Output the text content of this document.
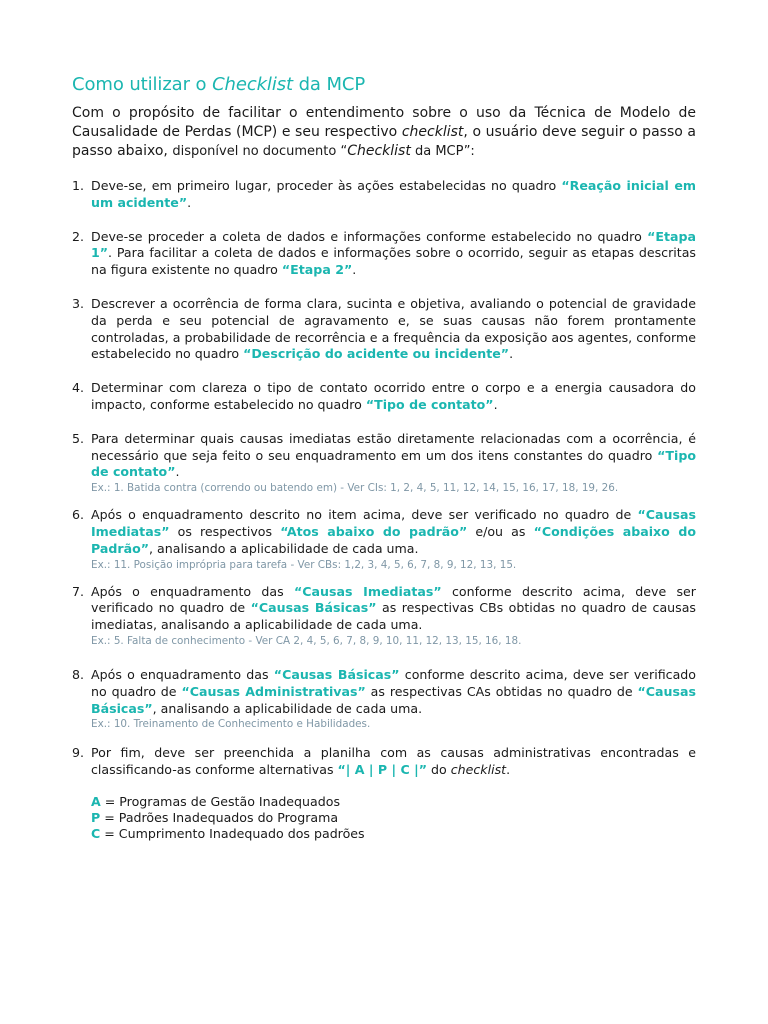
Como utilizar o Checklist da MCP

Com o propósito de facilitar o entendimento sobre o uso da Técnica de Modelo de Causalidade de Perdas (MCP) e seu respectivo checklist, o usuário deve seguir o passo a passo abaixo, disponível no documento “Checklist da MCP”:

1. Deve-se, em primeiro lugar, proceder às ações estabelecidas no quadro “Reação inicial em um acidente”.
2. Deve-se proceder a coleta de dados e informações conforme estabelecido no quadro “Etapa 1”. Para facilitar a coleta de dados e informações sobre o ocorrido, seguir as etapas descritas na figura existente no quadro “Etapa 2”.
3. Descrever a ocorrência de forma clara, sucinta e objetiva, avaliando o potencial de gravidade da perda e seu potencial de agravamento e, se suas causas não forem prontamente controladas, a probabilidade de recorrência e a frequência da exposição aos agentes, conforme estabelecido no quadro “Descrição do acidente ou incidente”.
4. Determinar com clareza o tipo de contato ocorrido entre o corpo e a energia causadora do impacto, conforme estabelecido no quadro “Tipo de contato”.
5. Para determinar quais causas imediatas estão diretamente relacionadas com a ocorrência, é necessário que seja feito o seu enquadramento em um dos itens constantes do quadro “Tipo de contato”.
Ex.: 1. Batida contra (correndo ou batendo em) - Ver CIs: 1, 2, 4, 5, 11, 12, 14, 15, 16, 17, 18, 19, 26.
6. Após o enquadramento descrito no item acima, deve ser verificado no quadro de “Causas Imediatas” os respectivos “Atos abaixo do padrão” e/ou as “Condições abaixo do Padrão”, analisando a aplicabilidade de cada uma.
Ex.: 11. Posição imprópria para tarefa - Ver CBs: 1,2, 3, 4, 5, 6, 7, 8, 9, 12, 13, 15.
7. Após o enquadramento das “Causas Imediatas” conforme descrito acima, deve ser verificado no quadro de “Causas Básicas” as respectivas CBs obtidas no quadro de causas imediatas, analisando a aplicabilidade de cada uma.
Ex.: 5. Falta de conhecimento - Ver CA 2, 4, 5, 6, 7, 8, 9, 10, 11, 12, 13, 15, 16, 18.
8. Após o enquadramento das “Causas Básicas” conforme descrito acima, deve ser verificado no quadro de “Causas Administrativas” as respectivas CAs obtidas no quadro de “Causas Básicas”, analisando a aplicabilidade de cada uma.
Ex.: 10. Treinamento de Conhecimento e Habilidades.
9. Por fim, deve ser preenchida a planilha com as causas administrativas encontradas e classificando-as conforme alternativas “| A | P | C |” do checklist.
A = Programas de Gestão Inadequados
P = Padrões Inadequados do Programa
C = Cumprimento Inadequado dos padrões
